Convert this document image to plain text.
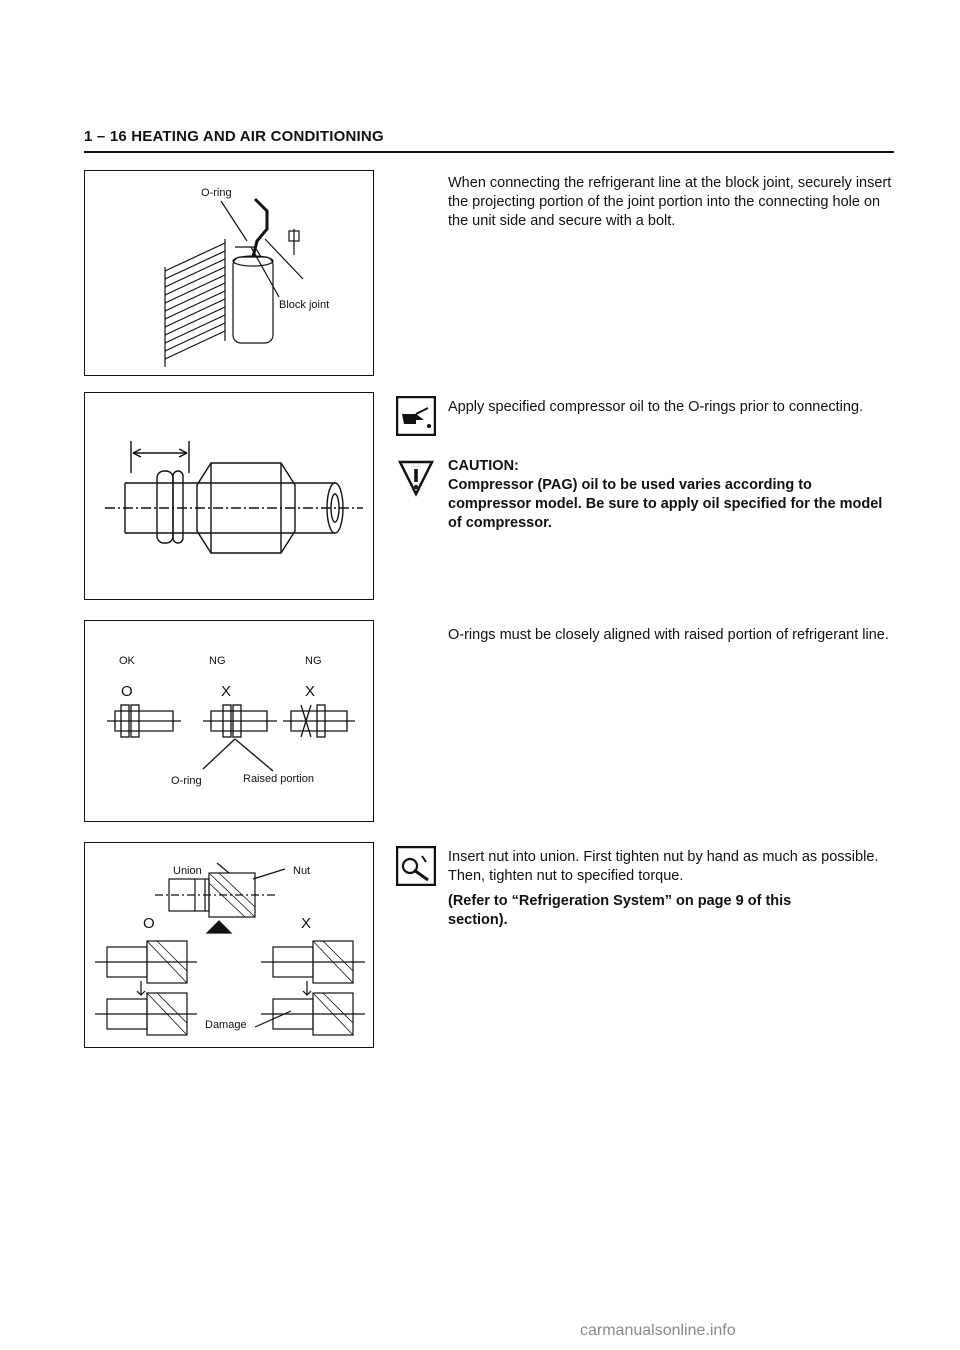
1 – 16 HEATING AND AIR CONDITIONING
O-ring
Block joint
OK	NG	NG
O	X	X
O-ring	Raised portion
Union	Nut
O	X
Damage
When connecting the refrigerant line at the block joint, securely insert the projecting portion of the joint portion into the connecting hole on the unit side and secure with a bolt.
Apply specified compressor oil to the O-rings prior to connecting.
CAUTION:
Compressor (PAG) oil to be used varies according to compressor model. Be sure to apply oil specified for the model of compressor.
O-rings must be closely aligned with raised portion of refrigerant line.
Insert nut into union. First tighten nut by hand as much as possible. Then, tighten nut to specified torque.
(Refer to “Refrigeration System” on page 9 of this section).
carmanualsonline.info
